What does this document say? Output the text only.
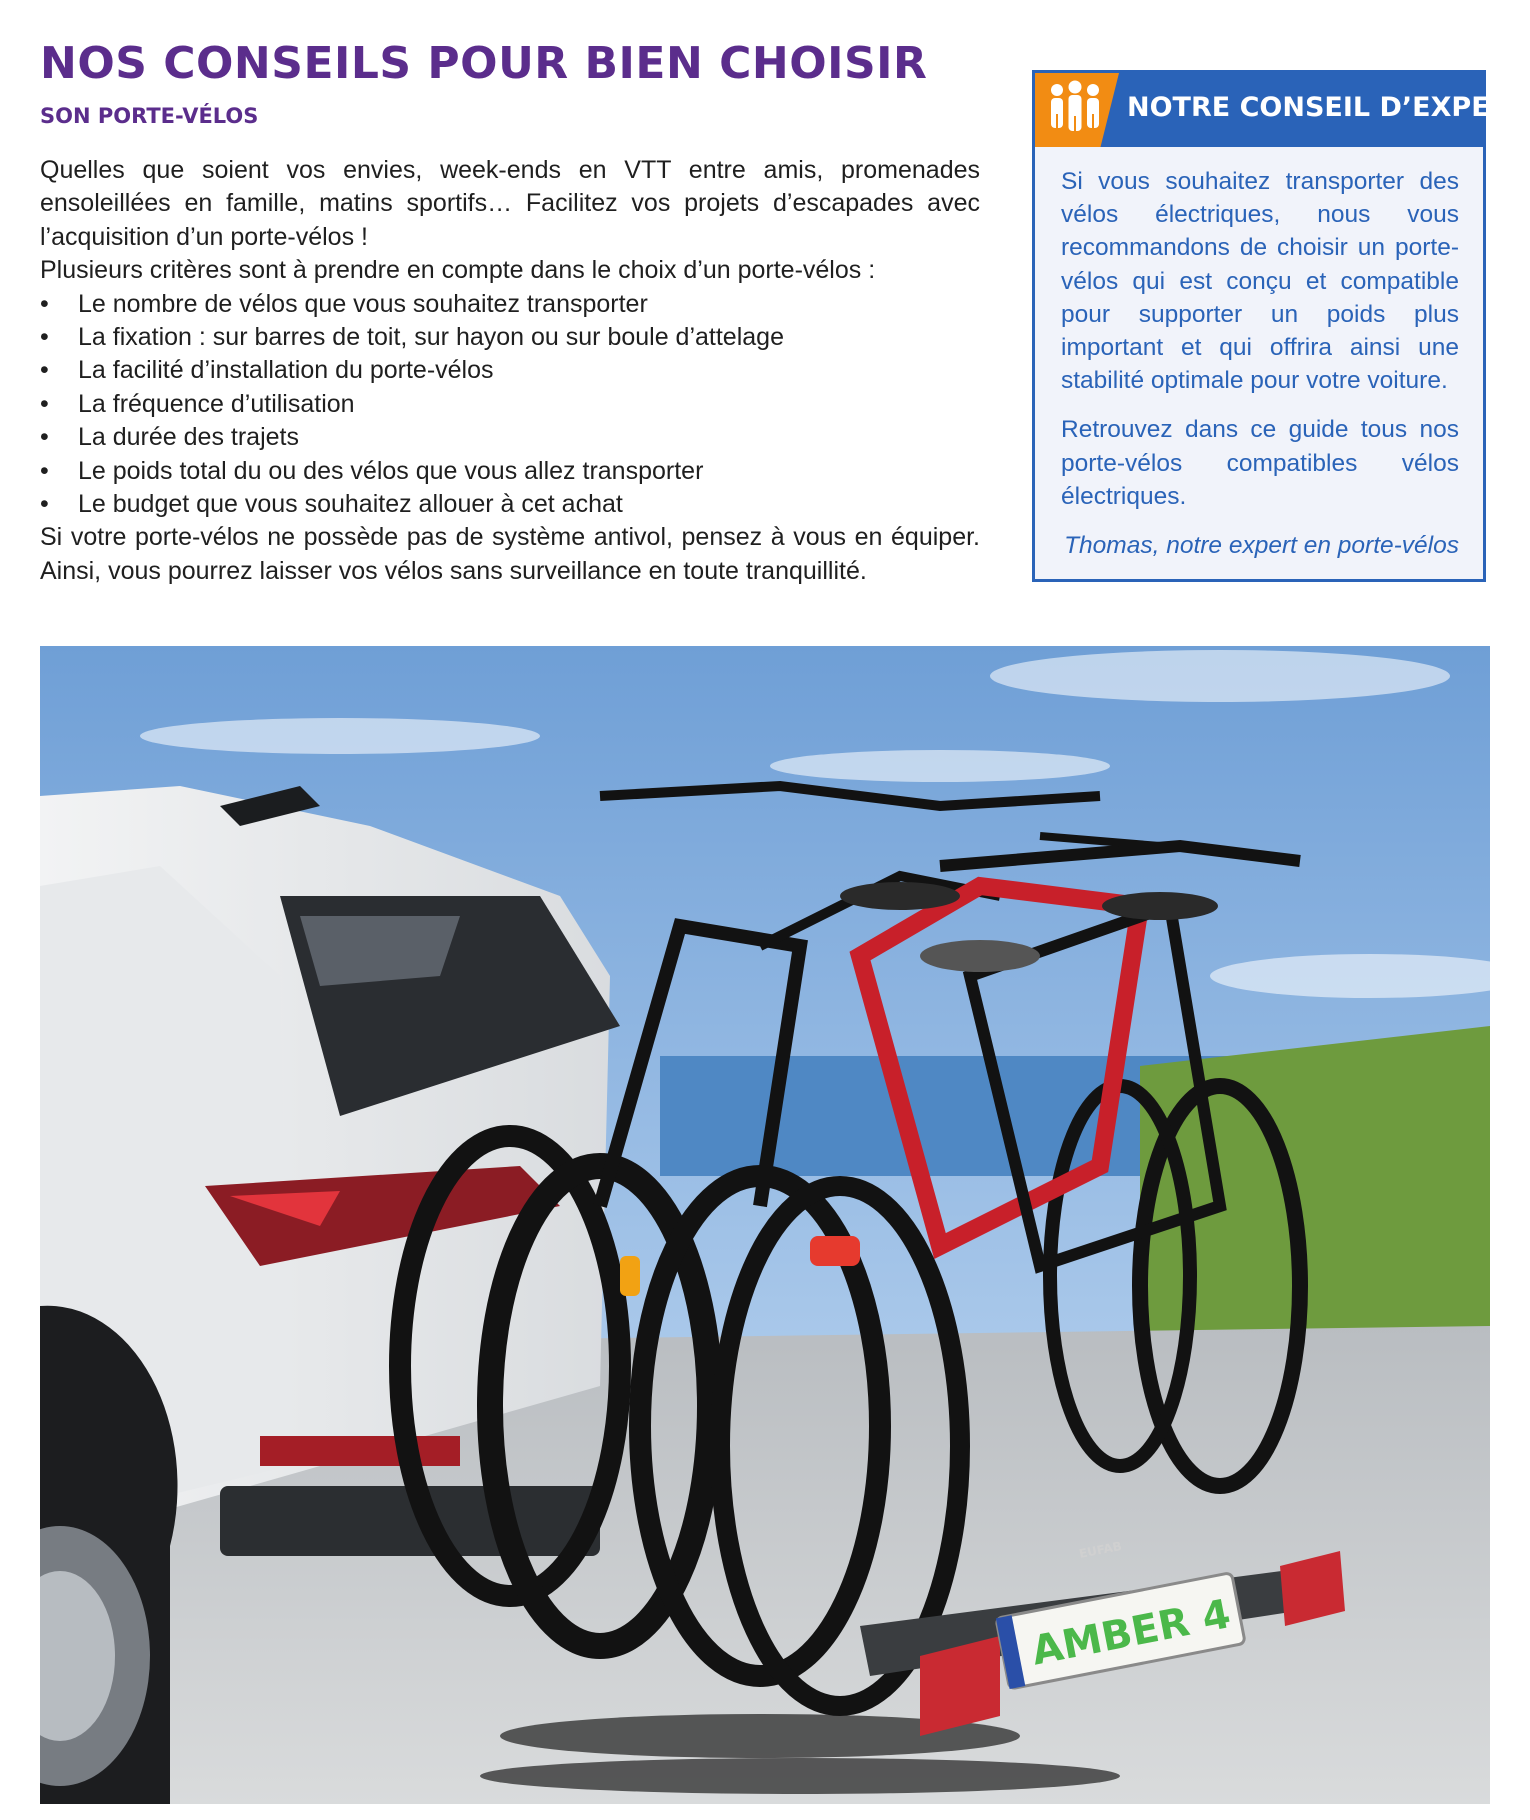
NOS CONSEILS POUR BIEN CHOISIR
SON PORTE-VÉLOS

Quelles que soient vos envies, week-ends en VTT entre amis, promenades ensoleillées en famille, matins sportifs… Facilitez vos projets d’escapades avec l’acquisition d’un porte-vélos !

Plusieurs critères sont à prendre en compte dans le choix d’un porte-vélos :

• Le nombre de vélos que vous souhaitez transporter
• La fixation : sur barres de toit, sur hayon ou sur boule d’attelage
• La facilité d’installation du porte-vélos
• La fréquence d’utilisation
• La durée des trajets
• Le poids total du ou des vélos que vous allez transporter
• Le budget que vous souhaitez allouer à cet achat

Si votre porte-vélos ne possède pas de système antivol, pensez à vous en équiper. Ainsi, vous pourrez laisser vos vélos sans surveillance en toute tranquillité.

NOTRE CONSEIL D’EXPERT

Si vous souhaitez transporter des vélos électriques, nous vous recommandons de choisir un porte-vélos qui est conçu et compatible pour supporter un poids plus important et qui offrira ainsi une stabilité optimale pour votre voiture.

Retrouvez dans ce guide tous nos porte-vélos compatibles vélos électriques.

Thomas, notre expert en porte-vélos

AMBER 4
EUFAB
